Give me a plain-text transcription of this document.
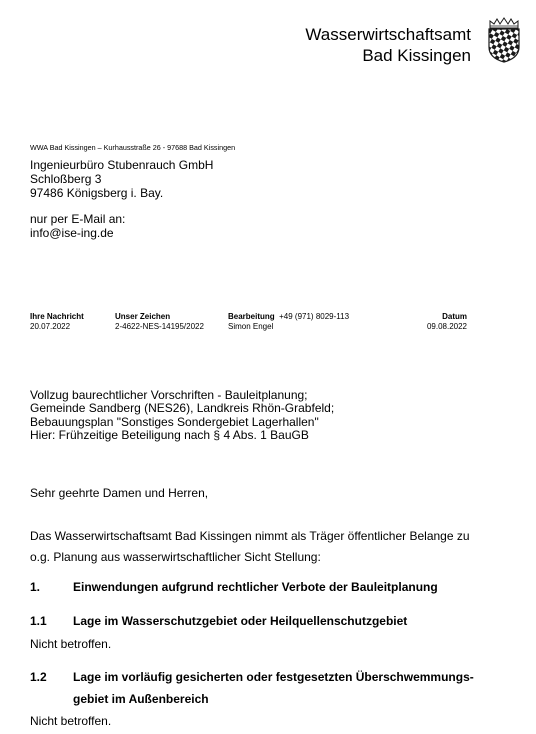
Wasserwirtschaftsamt
Bad Kissingen
WWA Bad Kissingen – Kurhausstraße 26 - 97688 Bad Kissingen
Ingenieurbüro Stubenrauch GmbH
Schloßberg 3
97486 Königsberg i. Bay.
nur per E-Mail an:
info@ise-ing.de
Ihre Nachricht
20.07.2022
Unser Zeichen
2-4622-NES-14195/2022
Bearbeitung +49 (971) 8029-113
Simon Engel
Datum
09.08.2022
Vollzug baurechtlicher Vorschriften - Bauleitplanung;
Gemeinde Sandberg (NES26), Landkreis Rhön-Grabfeld;
Bebauungsplan "Sonstiges Sondergebiet Lagerhallen"
Hier: Frühzeitige Beteiligung nach § 4 Abs. 1 BauGB
Sehr geehrte Damen und Herren,
Das Wasserwirtschaftsamt Bad Kissingen nimmt als Träger öffentlicher Belange zu
o.g. Planung aus wasserwirtschaftlicher Sicht Stellung:
1.	Einwendungen aufgrund rechtlicher Verbote der Bauleitplanung
1.1 Lage im Wasserschutzgebiet oder Heilquellenschutzgebiet
Nicht betroffen.
1.2 Lage im vorläufig gesicherten oder festgesetzten Überschwemmungs-
gebiet im Außenbereich
Nicht betroffen.
